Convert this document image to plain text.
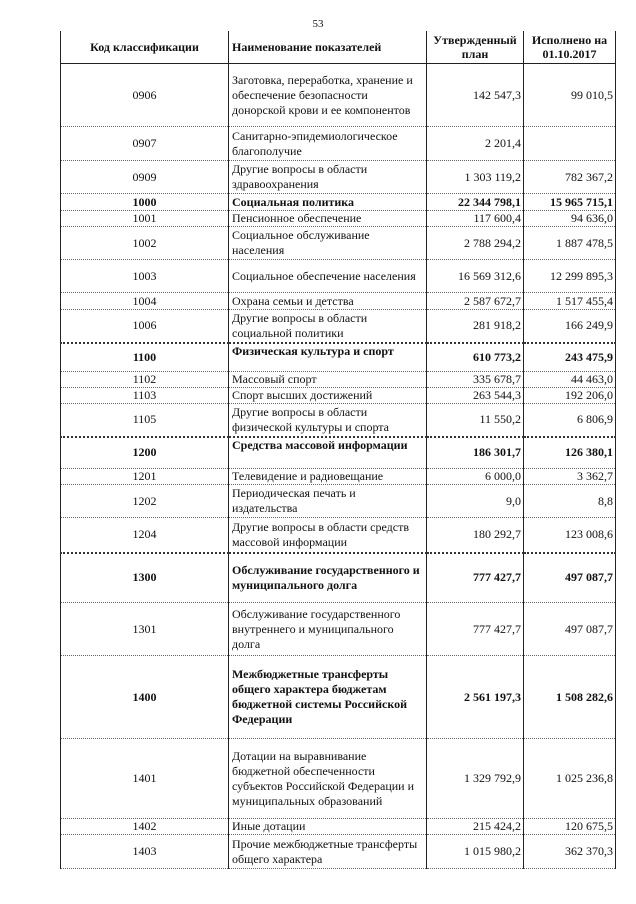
53
Код классификации	Наименование показателей	Утвержденный план	Исполнено на 01.10.2017
0906	Заготовка, переработка, хранение и обеспечение безопасности донорской крови и ее компонентов	142 547,3	99 010,5
0907	Санитарно-эпидемиологическое благополучие	2 201,4	
0909	Другие вопросы в области здравоохранения	1 303 119,2	782 367,2
1000	Социальная политика	22 344 798,1	15 965 715,1
1001	Пенсионное обеспечение	117 600,4	94 636,0
1002	Социальное обслуживание населения	2 788 294,2	1 887 478,5
1003	Социальное обеспечение населения	16 569 312,6	12 299 895,3
1004	Охрана семьи и детства	2 587 672,7	1 517 455,4
1006	Другие вопросы в области социальной политики	281 918,2	166 249,9
1100	Физическая культура и спорт	610 773,2	243 475,9
1102	Массовый спорт	335 678,7	44 463,0
1103	Спорт высших достижений	263 544,3	192 206,0
1105	Другие вопросы в области физической культуры и спорта	11 550,2	6 806,9
1200	Средства массовой информации	186 301,7	126 380,1
1201	Телевидение и радиовещание	6 000,0	3 362,7
1202	Периодическая печать и издательства	9,0	8,8
1204	Другие вопросы в области средств массовой информации	180 292,7	123 008,6
1300	Обслуживание государственного и муниципального долга	777 427,7	497 087,7
1301	Обслуживание государственного внутреннего и муниципального долга	777 427,7	497 087,7
1400	Межбюджетные трансферты общего характера бюджетам бюджетной системы Российской Федерации	2 561 197,3	1 508 282,6
1401	Дотации на выравнивание бюджетной обеспеченности субъектов Российской Федерации и муниципальных образований	1 329 792,9	1 025 236,8
1402	Иные дотации	215 424,2	120 675,5
1403	Прочие межбюджетные трансферты общего характера	1 015 980,2	362 370,3
